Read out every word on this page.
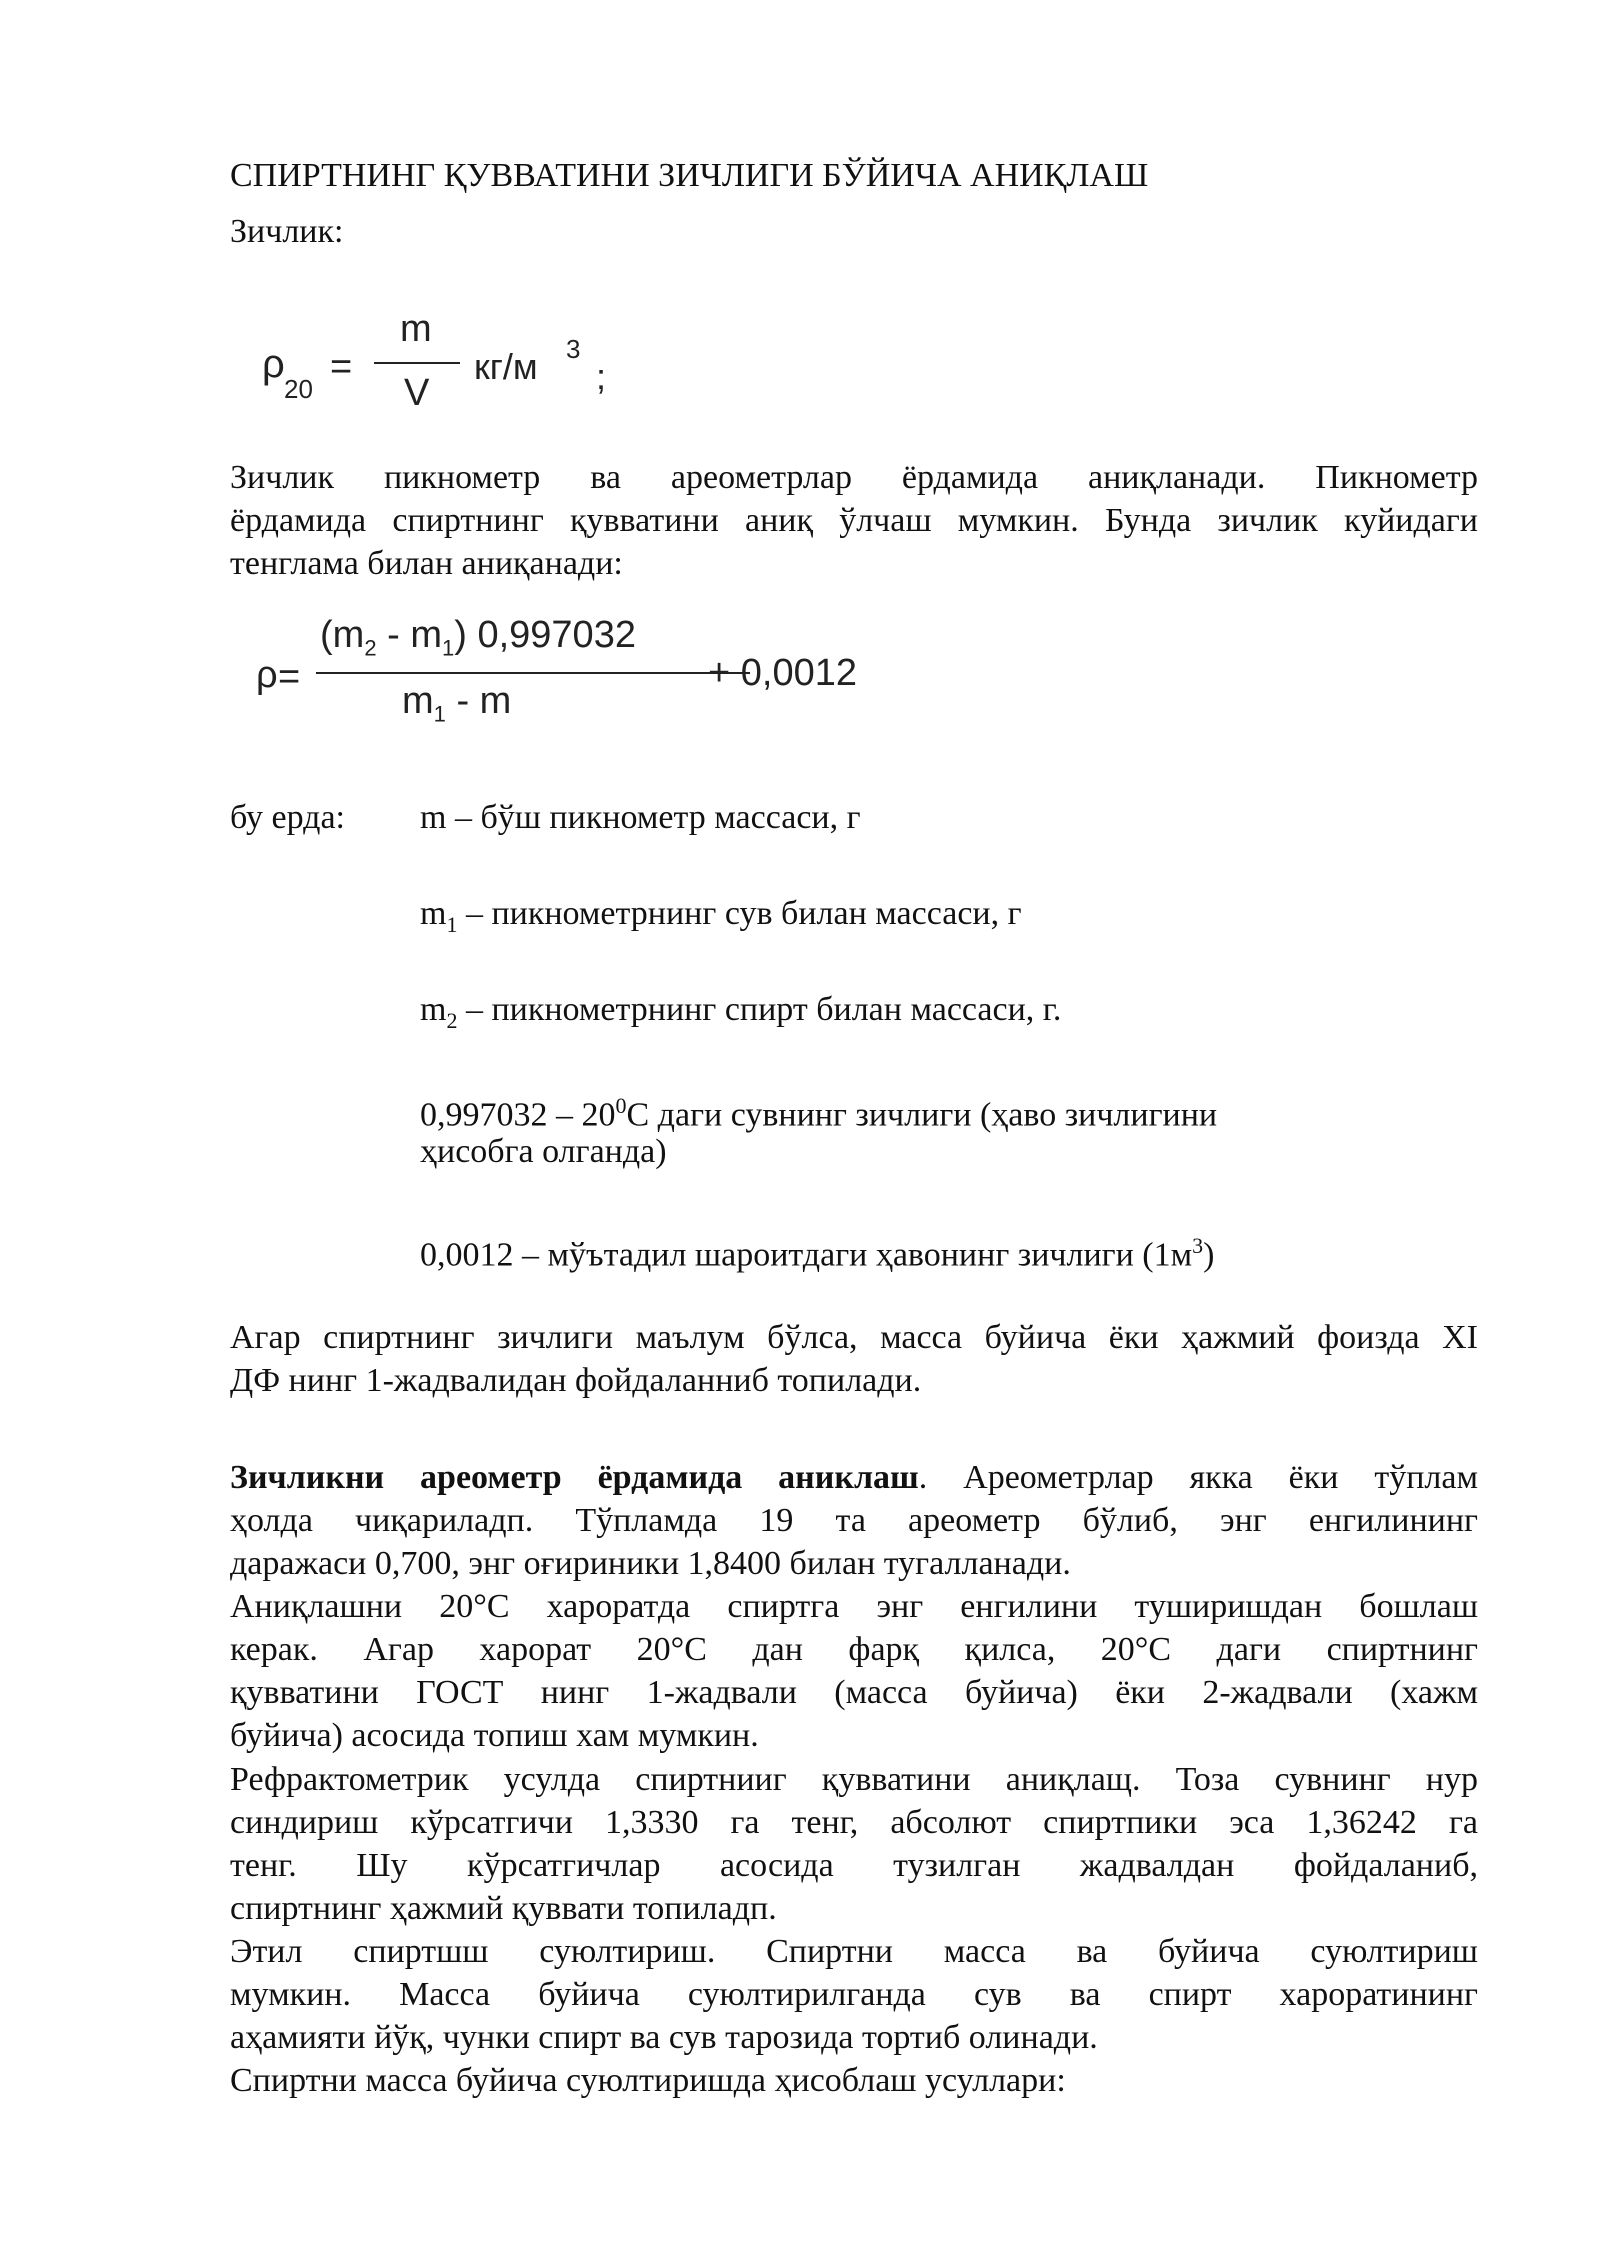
СПИРТНИНГ ҚУВВАТИНИ ЗИЧЛИГИ БЎЙИЧА АНИҚЛАШ
Зичлик:
ρ
20
=
m
V
кг/м 3
;
Зичлик пикнометр ва ареометрлар ёрдамида аниқланади. Пикнометр
ёрдамида спиртнинг қувватини аниқ ўлчаш мумкин. Бунда зичлик куйидаги
тенглама билан аниқанади:
ρ =
$(m_2 - m_1)$ 0,997032
$m_1$ - m
+ 0,0012
бу ерда: m – бўш пикнометр массаси, г
$m_1$ – пикнометрнинг сув билан массаси, г
$m_2$ – пикнометрнинг спирт билан массаси, г.
$0,997032 - 20^0С$ даги сувнинг зичлиги (ҳаво зичлигини
ҳисобга олганда)
0,0012 – мўътадил шароитдаги ҳавонинг зичлиги $(1м^3)$
Агар спиртнинг зичлиги маълум бўлса, масса буйича ёки ҳажмий фоизда XI
ДФ нинг 1-жадвалидан фойдаланниб топилади.
Зичликни ареометр ёрдамида аниклаш. Ареометрлар якка ёки тўплам
ҳолда чиқариладп. Тўпламда 19 та ареометр бўлиб, энг енгилининг
даражаси 0,700, энг оғириники 1,8400 билан тугалланади.
Аниқлашни 20°С хароратда спиртга энг енгилини туширишдан бошлаш
керак. Агар харорат 20°С дан фарқ қилса, 20°С даги спиртнинг
қувватини ГОСТ нинг 1-жадвали (масса буйича) ёки 2-жадвали (хажм
буйича) асосида топиш хам мумкин.
Рефрактометрик усулда спиртнииг қувватини аниқлащ. Тоза сувнинг нур
синдириш кўрсатгичи 1,3330 га тенг, абсолют спиртпики эса 1,36242 га
тенг. Шу кўрсатгичлар асосида тузилган жадвалдан фойдаланиб,
спиртнинг ҳажмий қуввати топиладп.
Этил спиртшш суюлтириш. Спиртни масса ва буйича суюлтириш
мумкин. Масса буйича суюлтирилганда сув ва спирт хароратининг
аҳамияти йўқ, чунки спирт ва сув тарозида тортиб олинади.
Спиртни масса буйича суюлтиришда ҳисоблаш усуллари:
